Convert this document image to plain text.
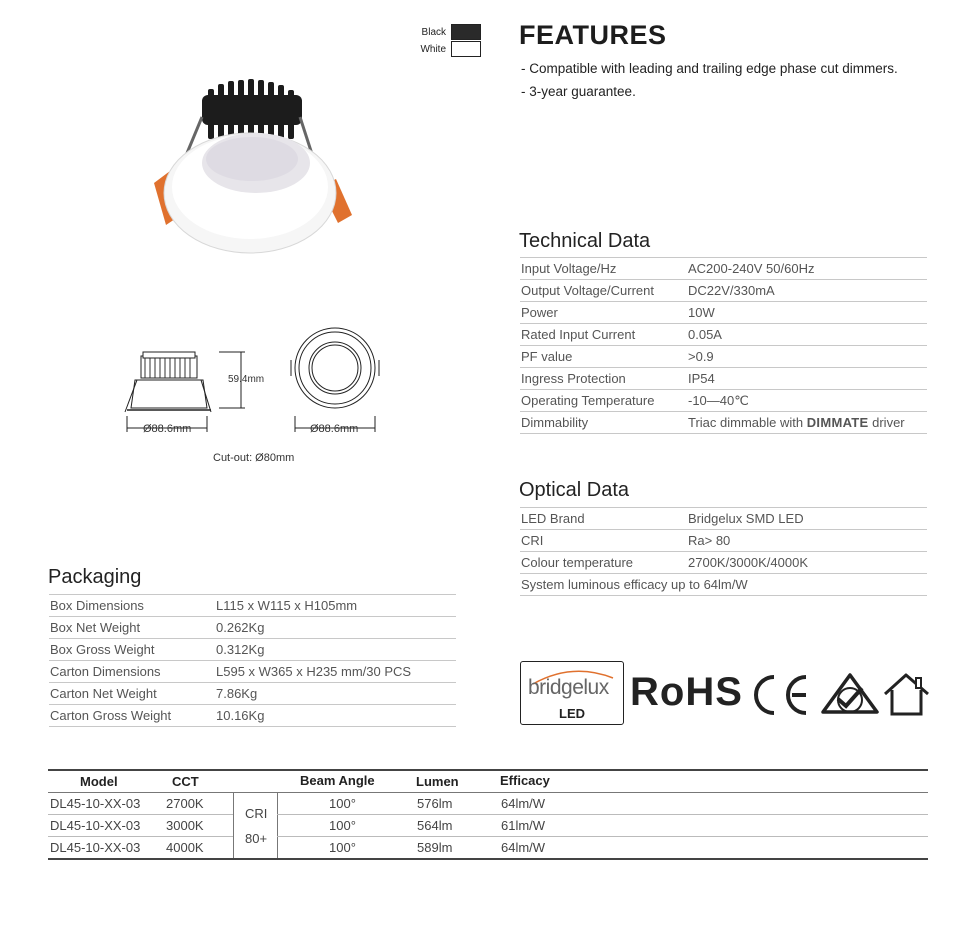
Black
White	FEATURES
- Compatible with leading and trailing edge phase cut dimmers.
- 3-year guarantee.
59.4mm
Ø88.6mm	Ø88.6mm
Cut-out: Ø80mm
Technical Data
Input Voltage/Hz	AC200-240V 50/60Hz
Output Voltage/Current	DC22V/330mA
Power	10W
Rated Input Current	0.05A
PF value	>0.9
Ingress Protection	IP54
Operating Temperature	-10—40℃
Dimmability	Triac dimmable with DIMMATE driver
Optical Data
LED Brand	Bridgelux SMD LED
CRI	Ra> 80
Colour temperature	2700K/3000K/4000K
System luminous efficacy up to 64lm/W	
Packaging
Box Dimensions	L115 x W115 x H105mm
Box Net Weight	0.262Kg
Box Gross Weight	0.312Kg
Carton Dimensions	L595 x W365 x H235 mm/30 PCS
Carton Net Weight	7.86Kg
Carton Gross Weight	10.16Kg
bridgelux
LED RoHS
Model	CCT	Beam Angle	Lumen	Efficacy
CRI
80+
DL45-10-XX-03 2700K	100°	576lm	64lm/W
DL45-10-XX-03 3000K	100°	564lm	61lm/W
DL45-10-XX-03 4000K	100°	589lm	64lm/W
